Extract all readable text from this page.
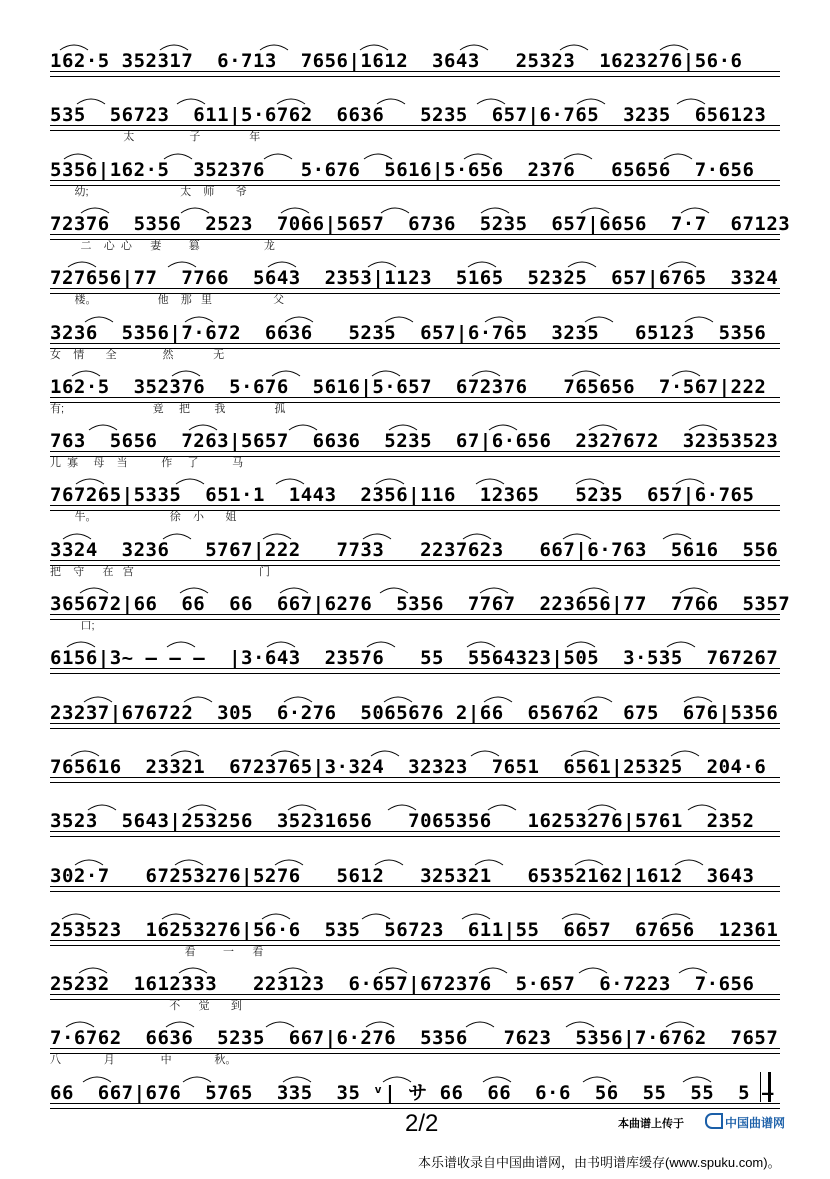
162·5 352317  6·713  7656|1612  3643   25323  1623276|56·6
535  56723  611|5·6762  6636   5235  657|6·765  3235  656123
太                  子                年
5356|162·5  352376   5·676  5616|5·656  2376   65656  7·656
幼;                              太    师       爷
72376  5356  2523  7066|5657  6736  5235  657|6656  7·7  67123
二    心  心      妻         篡                     龙
727656|77  7766  5643  2353|1123  5165  52325  657|6765  3324
楼。                    他    那   里                    父
3236  5356|7·672  6636   5235  657|6·765  3235   65123  5356
女    情       全               然             无
162·5  352376  5·676  5616|5·657  672376   765656  7·567|222
有;                             竟     把        我                孤
763  5656  7263|5657  6636  5235  67|6·656  2327672  32353523
儿  寡     母    当           作     了           马
767265|5335  651·1  1443  2356|116  12365   5235  657|6·765
牛。                        徐    小       姐
3324  3236   5767|222   7733   2237623   667|6·763  5616  556
把    守      在   宫                                         门
365672|66  66  66  667|6276  5356  7767  223656|77  7766  5357
口;
6156|3~ — — —  |3·643  23576   55  5564323|505  3·535  767267
23237|676722  305  6·276  5065676 2|66  656762  675  676|5356
765616  23321  6723765|3·324  32323  7651  6561|25325  204·6
3523  5643|253256  35231656   7065356   16253276|5761  2352
302·7   67253276|5276   5612   325321   65352162|1612  3643
253523  16253276|56·6  535  56723  611|55  6657  67656  12361
看         一      看
25232  1612333   223123  6·657|672376  5·657  6·7223  7·656
不      觉       到
7·6762  6636  5235  667|6·276  5356   7623  5356|7·6762  7657
八              月               中              秋。
66  667|676  5765  335  35 ᵛ| サ 66  66  6·6  56  55  55  5 —
2/2	本曲谱上传于	中国曲谱网
本乐谱收录自中国曲谱网，由书明谱库缓存(www.spuku.com)。
